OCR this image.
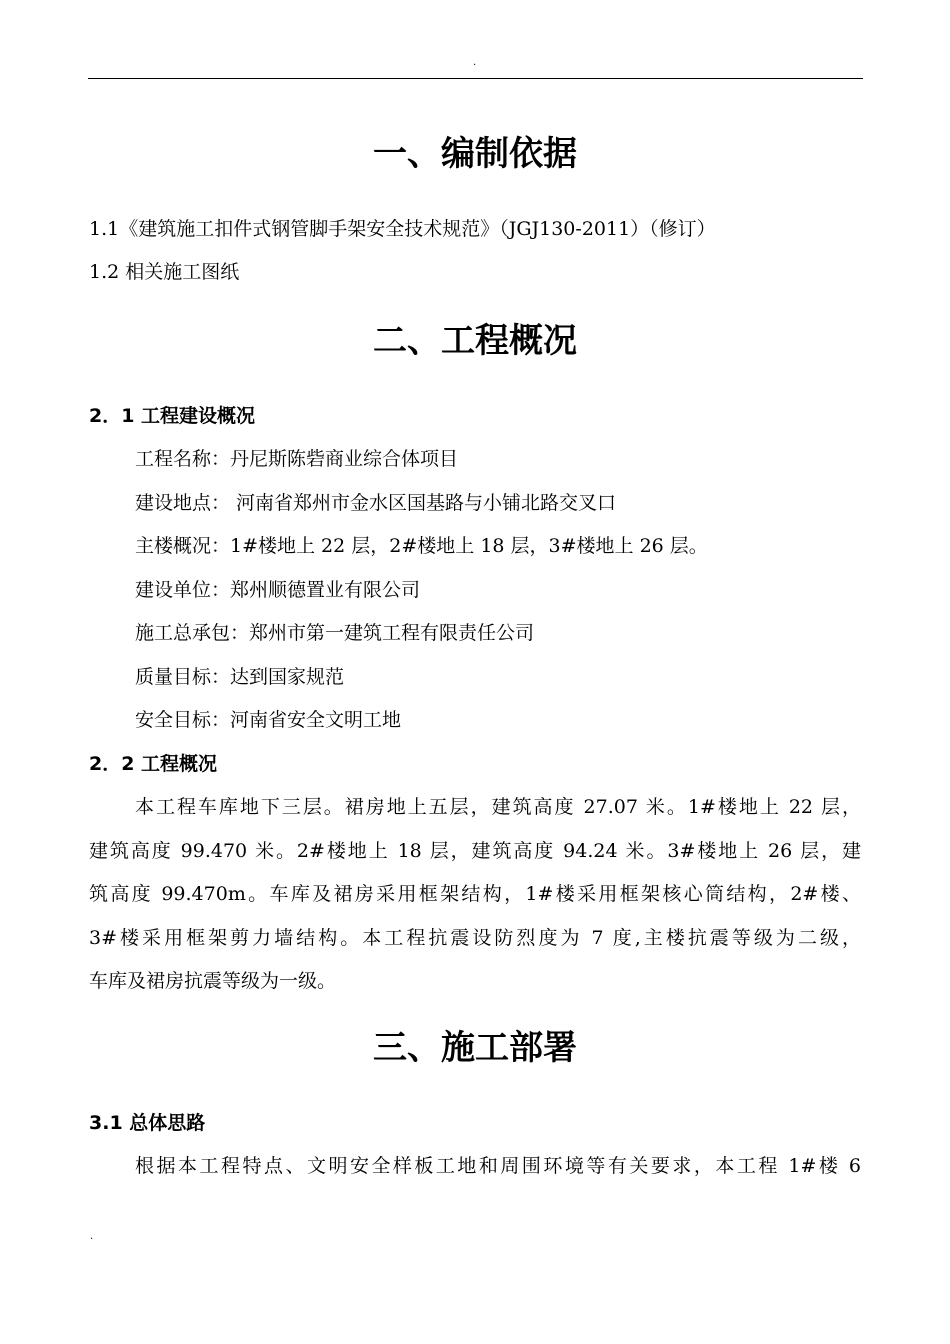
.
一、编制依据
1.1《建筑施工扣件式钢管脚手架安全技术规范》（JGJ130-2011）（修订）
1.2 相关施工图纸
二、工程概况
2．1 工程建设概况
工程名称：丹尼斯陈砦商业综合体项目
建设地点： 河南省郑州市金水区国基路与小铺北路交叉口
主楼概况：1#楼地上 22 层，2#楼地上 18 层，3#楼地上 26 层。
建设单位：郑州顺德置业有限公司
施工总承包：郑州市第一建筑工程有限责任公司
质量目标：达到国家规范
安全目标：河南省安全文明工地
2．2 工程概况
本工程车库地下三层。裙房地上五层，建筑高度 27.07 米。1#楼地上 22 层，
建筑高度 99.470 米。2#楼地上 18 层，建筑高度 94.24 米。3#楼地上 26 层，建
筑高度 99.470m。车库及裙房采用框架结构，1#楼采用框架核心筒结构，2#楼、
3#楼采用框架剪力墙结构。本工程抗震设防烈度为 7 度,主楼抗震等级为二级，
车库及裙房抗震等级为一级。
三、施工部署
3.1 总体思路
根据本工程特点、文明安全样板工地和周围环境等有关要求，本工程 1#楼 6
.
